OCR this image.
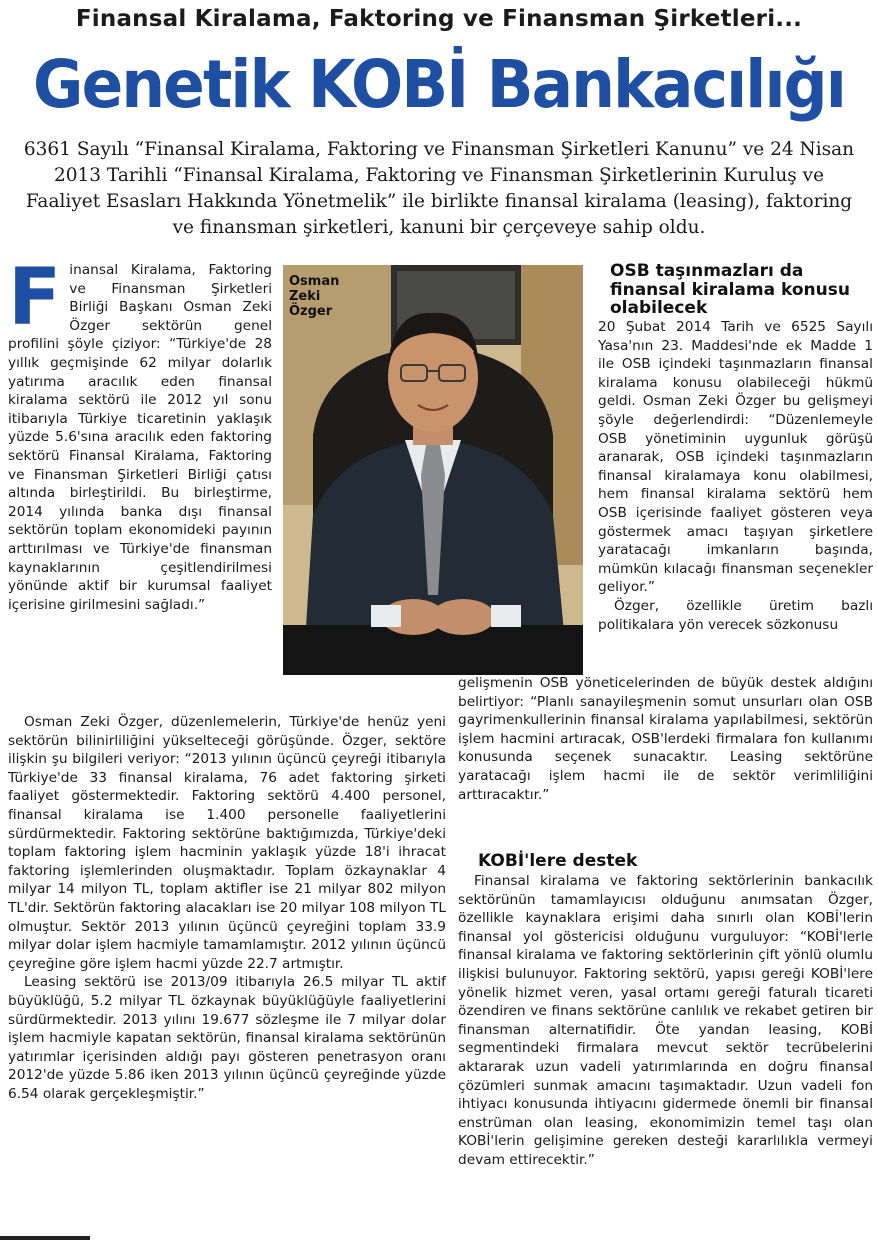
Finansal Kiralama, Faktoring ve Finansman Şirketleri...
Genetik KOBİ Bankacılığı
6361 Sayılı “Finansal Kiralama, Faktoring ve Finansman Şirketleri Kanunu” ve 24 Nisan 2013 Tarihli “Finansal Kiralama, Faktoring ve Finansman Şirketlerinin Kuruluş ve Faaliyet Esasları Hakkında Yönetmelik” ile birlikte finansal kiralama (leasing), faktoring ve finansman şirketleri, kanuni bir çerçeveye sahip oldu.
Osman Zeki Özger

Finansal Kiralama, Faktoring ve Finansman Şirketleri Birliği Başkanı Osman Zeki Özger sektörün genel profilini şöyle çiziyor: “Türkiye'de 28 yıllık geçmişinde 62 milyar dolarlık yatırıma aracılık eden finansal kiralama sektörü ile 2012 yıl sonu itibarıyla Türkiye ticaretinin yaklaşık yüzde 5.6'sına aracılık eden faktoring sektörü Finansal Kiralama, Faktoring ve Finansman Şirketleri Birliği çatısı altında birleştirildi. Bu birleştirme, 2014 yılında banka dışı finansal sektörün toplam ekonomideki payının arttırılması ve Türkiye'de finansman kaynaklarının çeşitlendirilmesi yönünde aktif bir kurumsal faaliyet içerisine girilmesini sağladı.”

Osman Zeki Özger, düzenlemelerin, Türkiye'de henüz yeni sektörün bilinirliliğini yükselteceği görüşünde. Özger, sektöre ilişkin şu bilgileri veriyor: “2013 yılının üçüncü çeyreği itibarıyla Türkiye'de 33 finansal kiralama, 76 adet faktoring şirketi faaliyet göstermektedir. Faktoring sektörü 4.400 personel, finansal kiralama ise 1.400 personelle faaliyetlerini sürdürmektedir. Faktoring sektörüne baktığımızda, Türkiye'deki toplam faktoring işlem hacminin yaklaşık yüzde 18'i ihracat faktoring işlemlerinden oluşmaktadır. Toplam özkaynaklar 4 milyar 14 milyon TL, toplam aktifler ise 21 milyar 802 milyon TL'dir. Sektörün faktoring alacakları ise 20 milyar 108 milyon TL olmuştur. Sektör 2013 yılının üçüncü çeyreğini toplam 33.9 milyar dolar işlem hacmiyle tamamlamıştır. 2012 yılının üçüncü çeyreğine göre işlem hacmi yüzde 22.7 artmıştır.

Leasing sektörü ise 2013/09 itibarıyla 26.5 milyar TL aktif büyüklüğü, 5.2 milyar TL özkaynak büyüklüğüyle faaliyetlerini sürdürmektedir. 2013 yılını 19.677 sözleşme ile 7 milyar dolar işlem hacmiyle kapatan sektörün, finansal kiralama sektörünün yatırımlar içerisinden aldığı payı gösteren penetrasyon oranı 2012'de yüzde 5.86 iken 2013 yılının üçüncü çeyreğinde yüzde 6.54 olarak gerçekleşmiştir.”

OSB taşınmazları da finansal kiralama konusu olabilecek

20 Şubat 2014 Tarih ve 6525 Sayılı Yasa'nın 23. Maddesi'nde ek Madde 1 ile OSB içindeki taşınmazların finansal kiralama konusu olabileceği hükmü geldi. Osman Zeki Özger bu gelişmeyi şöyle değerlendirdi: “Düzenlemeyle OSB yönetiminin uygunluk görüşü aranarak, OSB içindeki taşınmazların finansal kiralamaya konu olabilmesi, hem finansal kiralama sektörü hem OSB içerisinde faaliyet gösteren veya göstermek amacı taşıyan şirketlere yaratacağı imkanların başında, mümkün kılacağı finansman seçenekler geliyor.”

Özger, özellikle üretim bazlı politikalara yön verecek sözkonusu

gelişmenin OSB yöneticelerinden de büyük destek aldığını belirtiyor: “Planlı sanayileşmenin somut unsurları olan OSB gayrimenkullerinin finansal kiralama yapılabilmesi, sektörün işlem hacmini artıracak, OSB'lerdeki firmalara fon kullanımı konusunda seçenek sunacaktır. Leasing sektörüne yaratacağı işlem hacmi ile de sektör verimliliğini arttıracaktır.”

KOBİ'lere destek

Finansal kiralama ve faktoring sektörlerinin bankacılık sektörünün tamamlayıcısı olduğunu anımsatan Özger, özellikle kaynaklara erişimi daha sınırlı olan KOBİ'lerin finansal yol göstericisi olduğunu vurguluyor: “KOBİ'lerle finansal kiralama ve faktoring sektörlerinin çift yönlü olumlu ilişkisi bulunuyor. Faktoring sektörü, yapısı gereği KOBİ'lere yönelik hizmet veren, yasal ortamı gereği faturalı ticareti özendiren ve finans sektörüne canlılık ve rekabet getiren bir finansman alternatifidir. Öte yandan leasing, KOBİ segmentindeki firmalara mevcut sektör tecrübelerini aktararak uzun vadeli yatırımlarında en doğru finansal çözümleri sunmak amacını taşımaktadır. Uzun vadeli fon ihtiyacı konusunda ihtiyacını gidermede önemli bir finansal enstrüman olan leasing, ekonomimizin temel taşı olan KOBİ'lerin gelişimine gereken desteği kararlılıkla vermeyi devam ettirecektir.”
